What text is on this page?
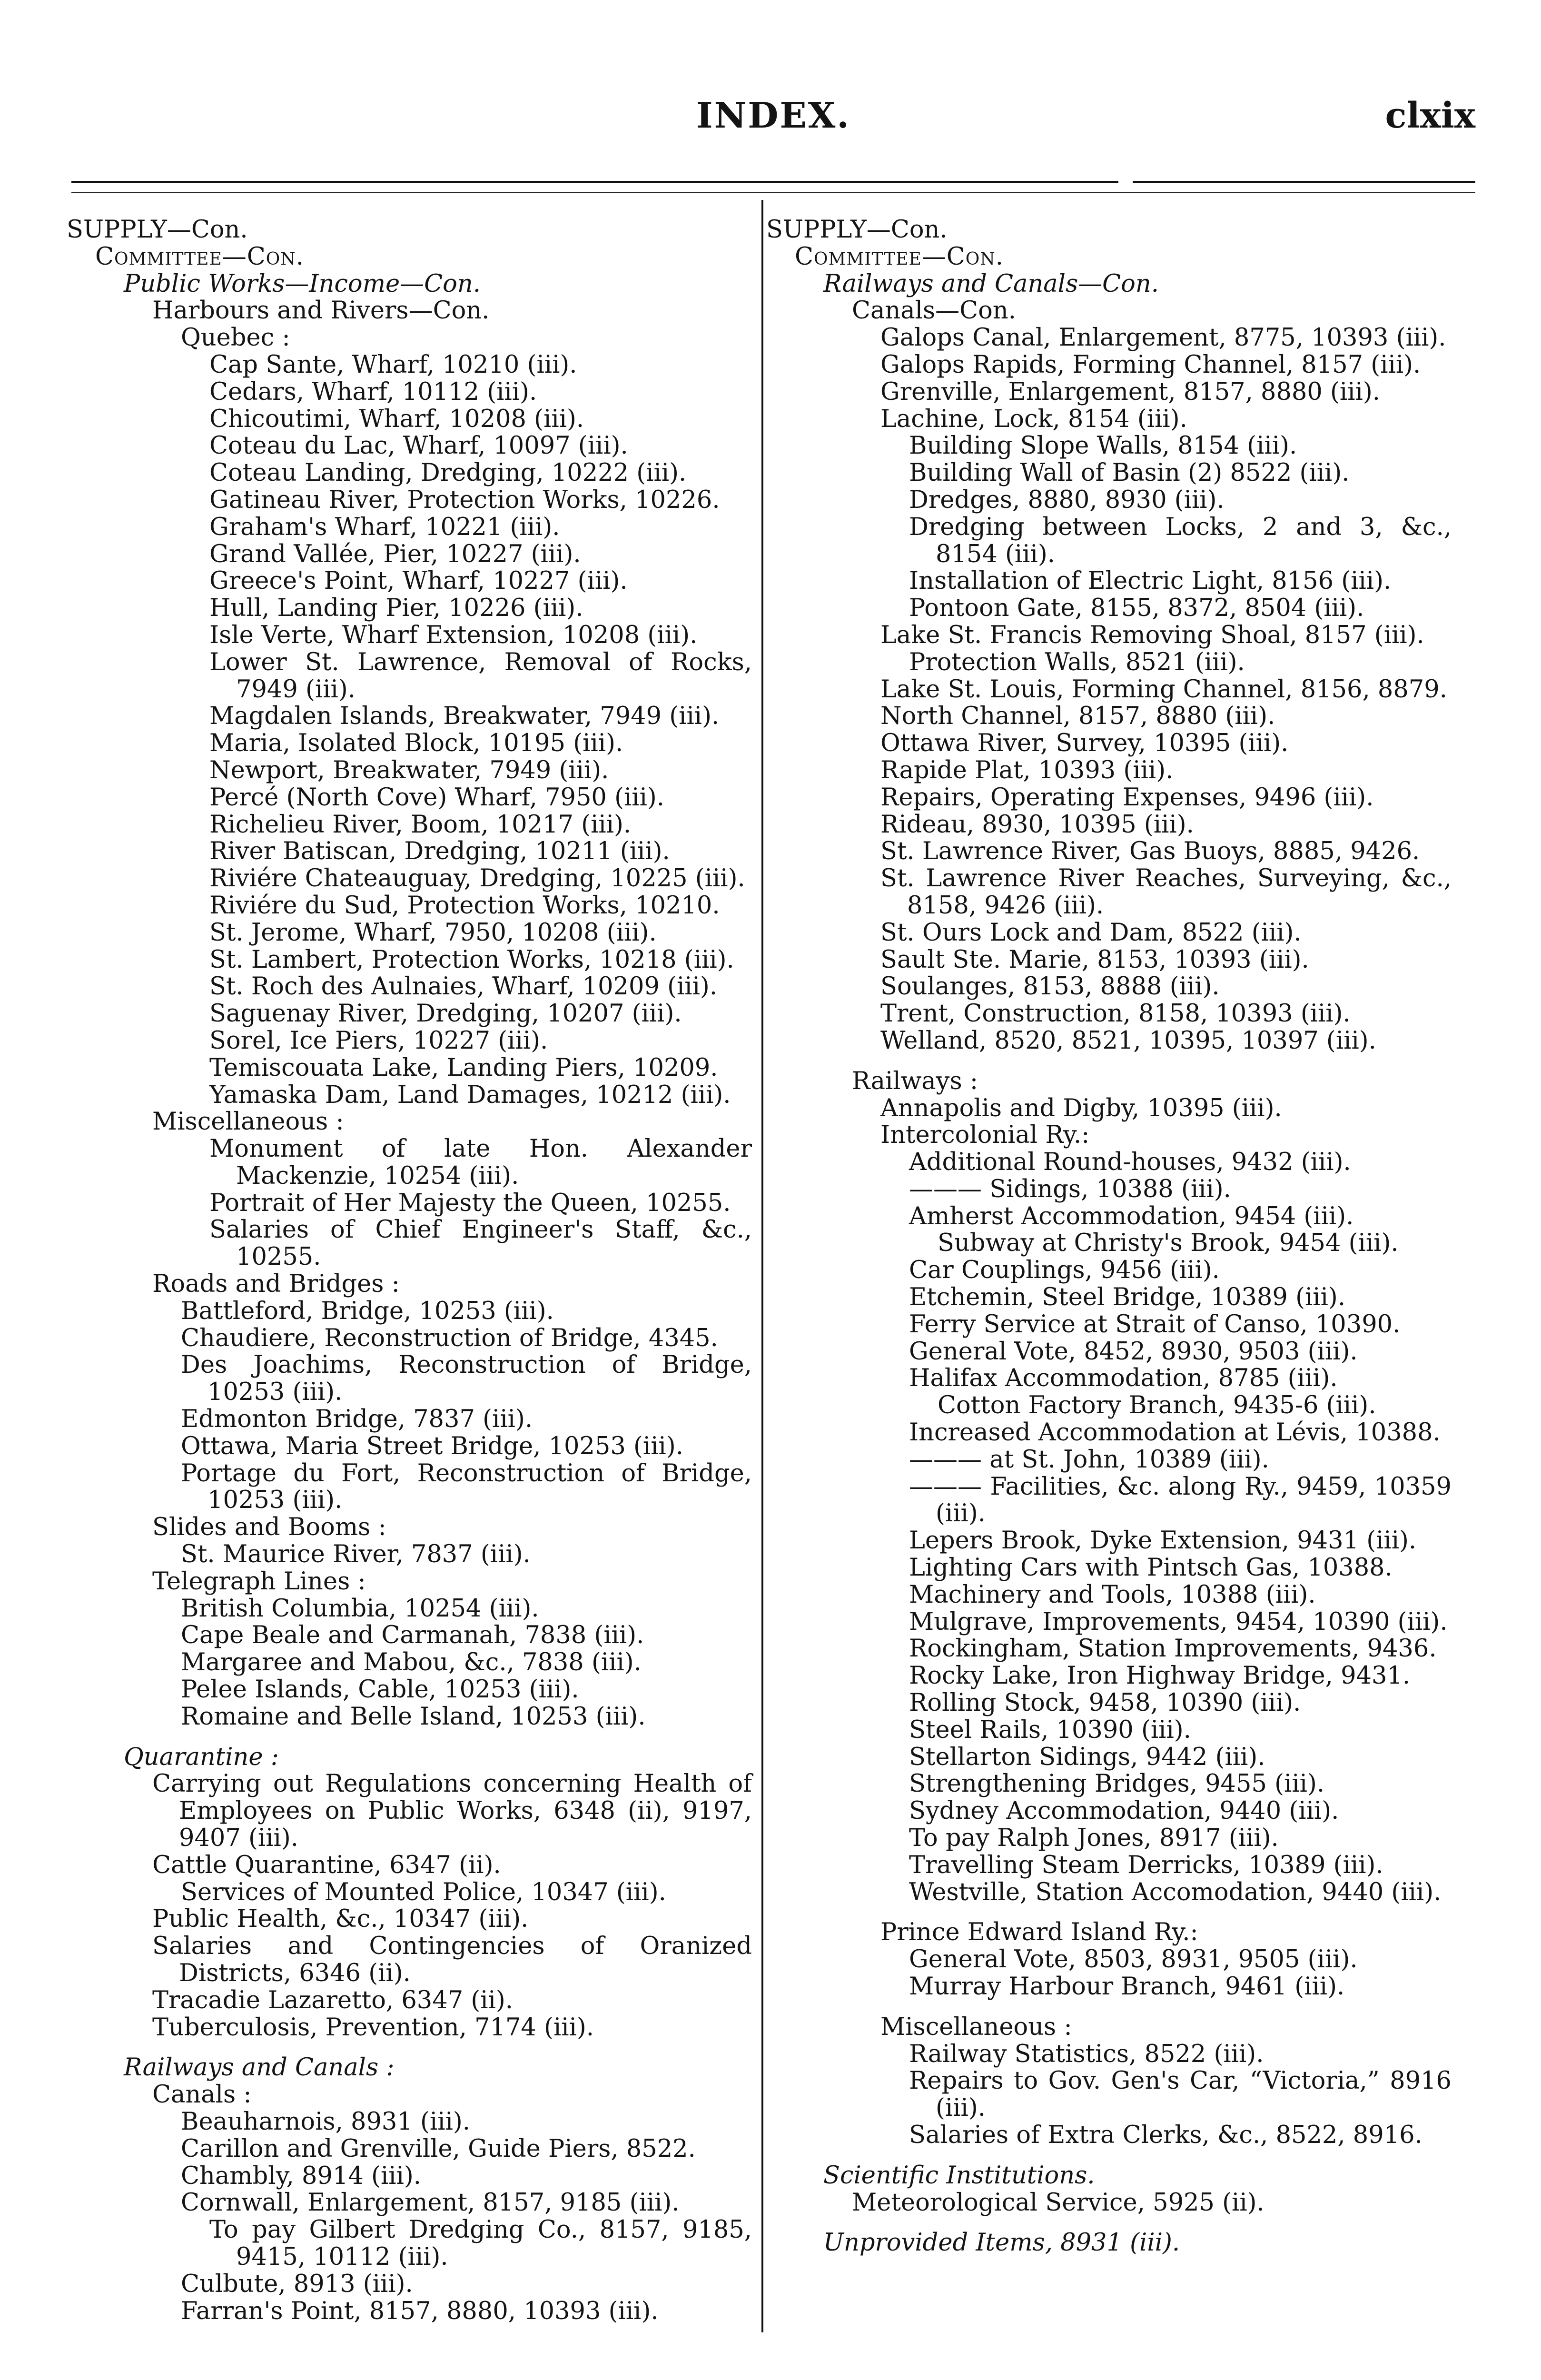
INDEX.	clxix

SUPPLY—Con.

Committee—Con.

Public Works—Income—Con.

Harbours and Rivers—Con.

Quebec :

Cap Sante, Wharf, 10210 (iii).

Cedars, Wharf, 10112 (iii).

Chicoutimi, Wharf, 10208 (iii).

Coteau du Lac, Wharf, 10097 (iii).

Coteau Landing, Dredging, 10222 (iii).

Gatineau River, Protection Works, 10226.

Graham's Wharf, 10221 (iii).

Grand Vallée, Pier, 10227 (iii).

Greece's Point, Wharf, 10227 (iii).

Hull, Landing Pier, 10226 (iii).

Isle Verte, Wharf Extension, 10208 (iii).

Lower St. Lawrence, Removal of Rocks, 7949 (iii).

Magdalen Islands, Breakwater, 7949 (iii).

Maria, Isolated Block, 10195 (iii).

Newport, Breakwater, 7949 (iii).

Percé (North Cove) Wharf, 7950 (iii).

Richelieu River, Boom, 10217 (iii).

River Batiscan, Dredging, 10211 (iii).

Riviére Chateauguay, Dredging, 10225 (iii).

Riviére du Sud, Protection Works, 10210.

St. Jerome, Wharf, 7950, 10208 (iii).

St. Lambert, Protection Works, 10218 (iii).

St. Roch des Aulnaies, Wharf, 10209 (iii).

Saguenay River, Dredging, 10207 (iii).

Sorel, Ice Piers, 10227 (iii).

Temiscouata Lake, Landing Piers, 10209.

Yamaska Dam, Land Damages, 10212 (iii).

Miscellaneous :

Monument of late Hon. Alexander Mackenzie, 10254 (iii).

Portrait of Her Majesty the Queen, 10255.

Salaries of Chief Engineer's Staff, &c., 10255.

Roads and Bridges :

Battleford, Bridge, 10253 (iii).

Chaudiere, Reconstruction of Bridge, 4345.

Des Joachims, Reconstruction of Bridge, 10253 (iii).

Edmonton Bridge, 7837 (iii).

Ottawa, Maria Street Bridge, 10253 (iii).

Portage du Fort, Reconstruction of Bridge, 10253 (iii).

Slides and Booms :

St. Maurice River, 7837 (iii).

Telegraph Lines :

British Columbia, 10254 (iii).

Cape Beale and Carmanah, 7838 (iii).

Margaree and Mabou, &c., 7838 (iii).

Pelee Islands, Cable, 10253 (iii).

Romaine and Belle Island, 10253 (iii).

Quarantine :

Carrying out Regulations concerning Health of Employees on Public Works, 6348 (ii), 9197, 9407 (iii).

Cattle Quarantine, 6347 (ii).

Services of Mounted Police, 10347 (iii).

Public Health, &c., 10347 (iii).

Salaries and Contingencies of Oranized Districts, 6346 (ii).

Tracadie Lazaretto, 6347 (ii).

Tuberculosis, Prevention, 7174 (iii).

Railways and Canals :

Canals :

Beauharnois, 8931 (iii).

Carillon and Grenville, Guide Piers, 8522.

Chambly, 8914 (iii).

Cornwall, Enlargement, 8157, 9185 (iii).

To pay Gilbert Dredging Co., 8157, 9185, 9415, 10112 (iii).

Culbute, 8913 (iii).

Farran's Point, 8157, 8880, 10393 (iii).

SUPPLY—Con.

Committee—Con.

Railways and Canals—Con.

Canals—Con.

Galops Canal, Enlargement, 8775, 10393 (iii).

Galops Rapids, Forming Channel, 8157 (iii).

Grenville, Enlargement, 8157, 8880 (iii).

Lachine, Lock, 8154 (iii).

Building Slope Walls, 8154 (iii).

Building Wall of Basin (2) 8522 (iii).

Dredges, 8880, 8930 (iii).

Dredging between Locks, 2 and 3, &c., 8154 (iii).

Installation of Electric Light, 8156 (iii).

Pontoon Gate, 8155, 8372, 8504 (iii).

Lake St. Francis Removing Shoal, 8157 (iii).

Protection Walls, 8521 (iii).

Lake St. Louis, Forming Channel, 8156, 8879.

North Channel, 8157, 8880 (iii).

Ottawa River, Survey, 10395 (iii).

Rapide Plat, 10393 (iii).

Repairs, Operating Expenses, 9496 (iii).

Rideau, 8930, 10395 (iii).

St. Lawrence River, Gas Buoys, 8885, 9426.

St. Lawrence River Reaches, Surveying, &c., 8158, 9426 (iii).

St. Ours Lock and Dam, 8522 (iii).

Sault Ste. Marie, 8153, 10393 (iii).

Soulanges, 8153, 8888 (iii).

Trent, Construction, 8158, 10393 (iii).

Welland, 8520, 8521, 10395, 10397 (iii).

Railways :

Annapolis and Digby, 10395 (iii).

Intercolonial Ry.:

Additional Round-houses, 9432 (iii).

——— Sidings, 10388 (iii).

Amherst Accommodation, 9454 (iii).

Subway at Christy's Brook, 9454 (iii).

Car Couplings, 9456 (iii).

Etchemin, Steel Bridge, 10389 (iii).

Ferry Service at Strait of Canso, 10390.

General Vote, 8452, 8930, 9503 (iii).

Halifax Accommodation, 8785 (iii).

Cotton Factory Branch, 9435-6 (iii).

Increased Accommodation at Lévis, 10388.

——— at St. John, 10389 (iii).

——— Facilities, &c. along Ry., 9459, 10359 (iii).

Lepers Brook, Dyke Extension, 9431 (iii).

Lighting Cars with Pintsch Gas, 10388.

Machinery and Tools, 10388 (iii).

Mulgrave, Improvements, 9454, 10390 (iii).

Rockingham, Station Improvements, 9436.

Rocky Lake, Iron Highway Bridge, 9431.

Rolling Stock, 9458, 10390 (iii).

Steel Rails, 10390 (iii).

Stellarton Sidings, 9442 (iii).

Strengthening Bridges, 9455 (iii).

Sydney Accommodation, 9440 (iii).

To pay Ralph Jones, 8917 (iii).

Travelling Steam Derricks, 10389 (iii).

Westville, Station Accomodation, 9440 (iii).

Prince Edward Island Ry.:

General Vote, 8503, 8931, 9505 (iii).

Murray Harbour Branch, 9461 (iii).

Miscellaneous :

Railway Statistics, 8522 (iii).

Repairs to Gov. Gen's Car, “Victoria,” 8916 (iii).

Salaries of Extra Clerks, &c., 8522, 8916.

Scientific Institutions.

Meteorological Service, 5925 (ii).

Unprovided Items, 8931 (iii).
